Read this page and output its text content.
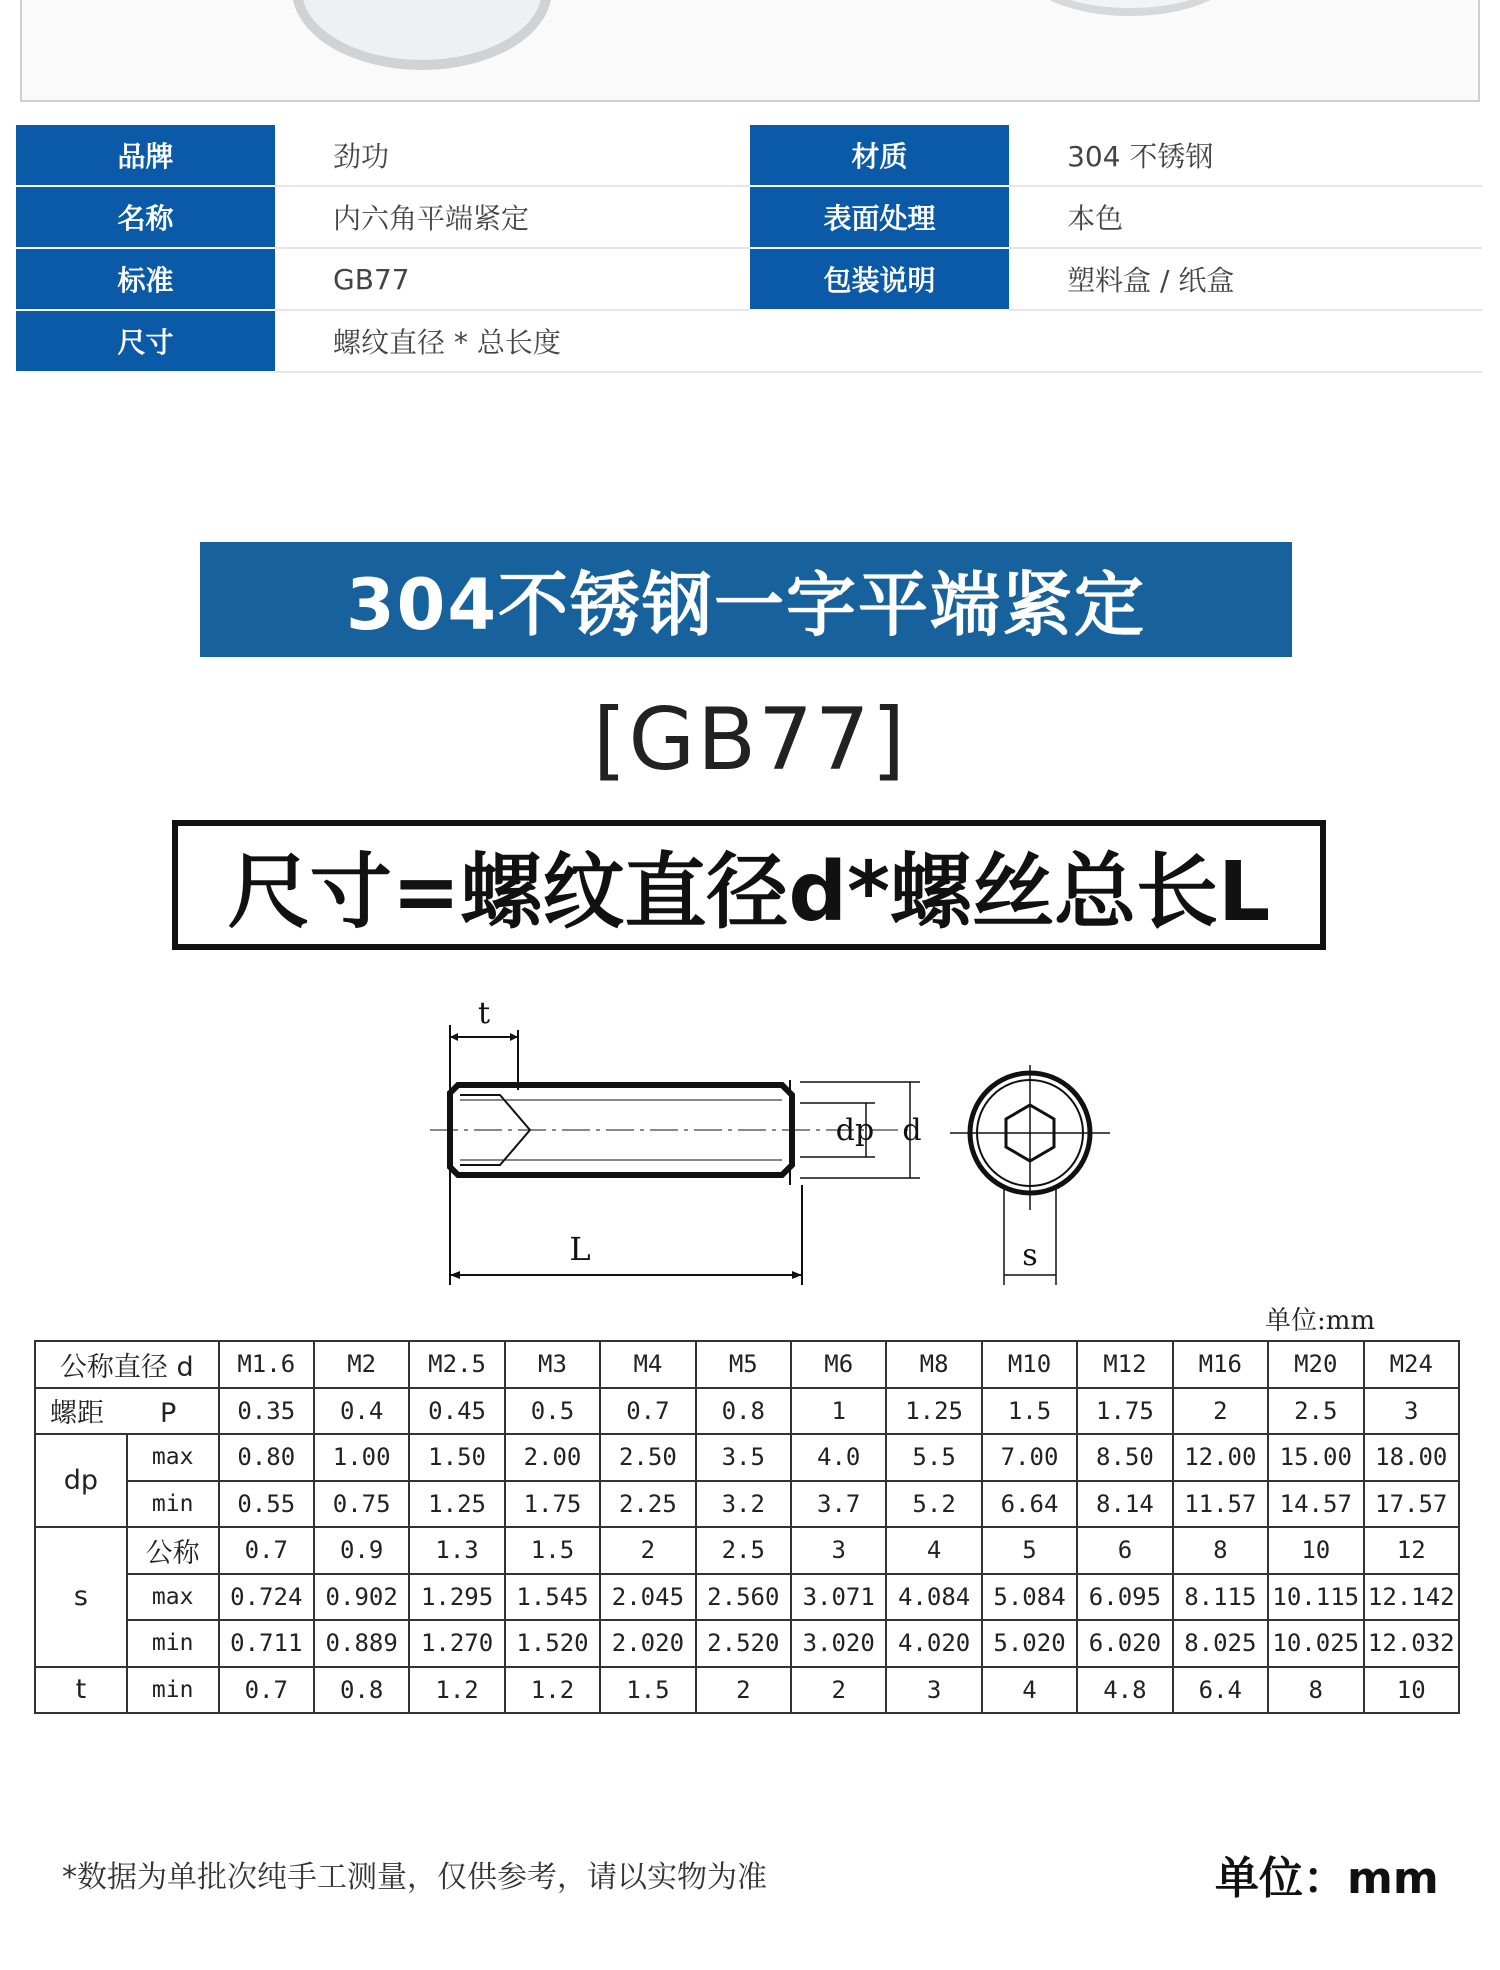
品牌	劲功	材质	304 不锈钢
名称	内六角平端紧定	表面处理	本色
标准	GB77	包装说明	塑料盒 / 纸盒
尺寸	螺纹直径 * 总长度		
304不锈钢一字平端紧定
[GB77]
尺寸=螺纹直径d*螺丝总长L
t
dp d
L	s
单位:mm
公称直径 d		M1.6	M2	M2.5	M3	M4	M5	M6	M8	M10	M12	M16	M20	M24
螺距 P		0.35	0.4	0.45	0.5	0.7	0.8	1	1.25	1.5	1.75	2	2.5	3
dp	max	0.80	1.00	1.50	2.00	2.50	3.5	4.0	5.5	7.00	8.50	12.00	15.00	18.00
	min	0.55	0.75	1.25	1.75	2.25	3.2	3.7	5.2	6.64	8.14	11.57	14.57	17.57
s	公称	0.7	0.9	1.3	1.5	2	2.5	3	4	5	6	8	10	12
	max	0.724	0.902	1.295	1.545	2.045	2.560	3.071	4.084	5.084	6.095	8.115	10.115	12.142
	min	0.711	0.889	1.270	1.520	2.020	2.520	3.020	4.020	5.020	6.020	8.025	10.025	12.032
t	min	0.7	0.8	1.2	1.2	1.5	2	2	3	4	4.8	6.4	8	10
*数据为单批次纯手工测量，仅供参考，请以实物为准	单位：mm
